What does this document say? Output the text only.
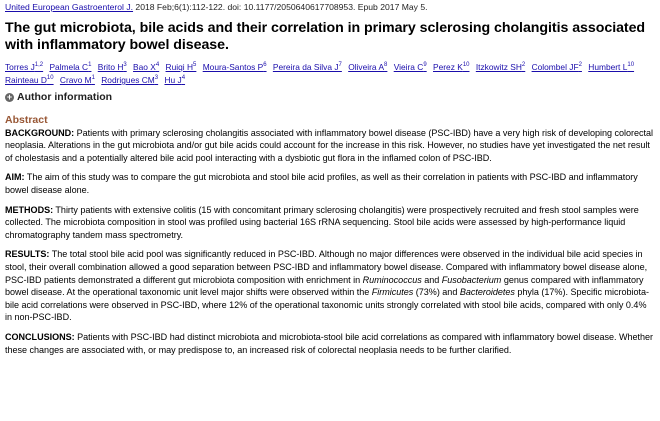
United European Gastroenterol J. 2018 Feb;6(1):112-122. doi: 10.1177/2050640617708953. Epub 2017 May 5.
The gut microbiota, bile acids and their correlation in primary sclerosing cholangitis associated with inflammatory bowel disease.
Torres J$^{1,2}$ Palmela $C^1$ Brito $H^3$ Bao $X^4$ Ruiqi $H^5$ Moura-Santos $P^6$ Pereira da Silva $J^7$ Oliveira $A^8$ Vieira $C^9$ Perez $K^{10}$ Itzkowitz $SH^2$ Colombel $JF^2$ Humbert $L^{10}$ Rainteau $D^{10}$ Cravo $M^1$ Rodrigues $CM^3$ Hu $J^4$
+ Author information
Abstract

BACKGROUND: Patients with primary sclerosing cholangitis associated with inflammatory bowel disease (PSC-IBD) have a very high risk of developing colorectal neoplasia. Alterations in the gut microbiota and/or gut bile acids could account for the increase in this risk. However, no studies have yet investigated the net result of cholestasis and a potentially altered bile acid pool interacting with a dysbiotic gut flora in the inflamed colon of PSC-IBD.

AIM: The aim of this study was to compare the gut microbiota and stool bile acid profiles, as well as their correlation in patients with PSC-IBD and inflammatory bowel disease alone.

METHODS: Thirty patients with extensive colitis (15 with concomitant primary sclerosing cholangitis) were prospectively recruited and fresh stool samples were collected. The microbiota composition in stool was profiled using bacterial 16S rRNA sequencing. Stool bile acids were assessed by high-performance liquid chromatography tandem mass spectrometry.

RESULTS: The total stool bile acid pool was significantly reduced in PSC-IBD. Although no major differences were observed in the individual bile acid species in stool, their overall combination allowed a good separation between PSC-IBD and inflammatory bowel disease. Compared with inflammatory bowel disease alone, PSC-IBD patients demonstrated a different gut microbiota composition with enrichment in Ruminococcus and Fusobacterium genus compared with inflammatory bowel disease. At the operational taxonomic unit level major shifts were observed within the Firmicutes (73%) and Bacteroidetes phyla (17%). Specific microbiota-bile acid correlations were observed in PSC-IBD, where 12% of the operational taxonomic units strongly correlated with stool bile acids, compared with only 0.4% in non-PSC-IBD.

CONCLUSIONS: Patients with PSC-IBD had distinct microbiota and microbiota-stool bile acid correlations as compared with inflammatory bowel disease. Whether these changes are associated with, or may predispose to, an increased risk of colorectal neoplasia needs to be further clarified.
